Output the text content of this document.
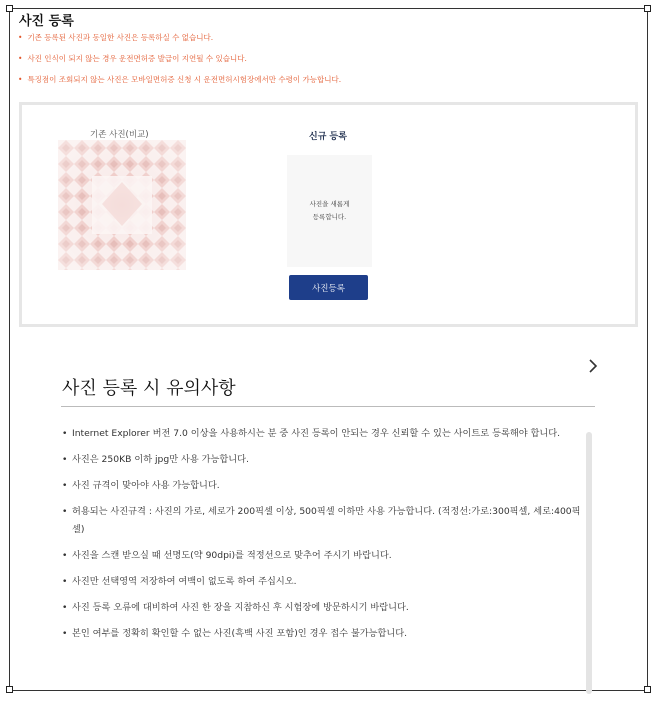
사진 등록
• 기존 등록된 사진과 동일한 사진은 등록하실 수 없습니다.
• 사진 인식이 되지 않는 경우 운전면허증 발급이 지연될 수 있습니다.
• 특징점이 조회되지 않는 사진은 모바일면허증 신청 시 운전면허시험장에서만 수령이 가능합니다.
기존 사진(비교)	신규 등록
사진을 새롭게
등록합니다.
사진등록
사진 등록 시 유의사항
• Internet Explorer 버전 7.0 이상을 사용하시는 분 중 사진 등록이 안되는 경우 신뢰할 수 있는 사이트로 등록해야 합니다.
• 사진은 250KB 이하 jpg만 사용 가능합니다.
• 사진 규격이 맞아야 사용 가능합니다.
• 허용되는 사진규격 : 사진의 가로, 세로가 200픽셀 이상, 500픽셀 이하만 사용 가능합니다. (적정선:가로:300픽셀, 세로:400픽셀)
• 사진을 스캔 받으실 때 선명도(약 90dpi)를 적정선으로 맞추어 주시기 바랍니다.
• 사진만 선택영역 저장하여 여백이 없도록 하여 주십시오.
• 사진 등록 오류에 대비하여 사진 한 장을 지참하신 후 시험장에 방문하시기 바랍니다.
• 본인 여부를 정확히 확인할 수 없는 사진(흑백 사진 포함)인 경우 접수 불가능합니다.
